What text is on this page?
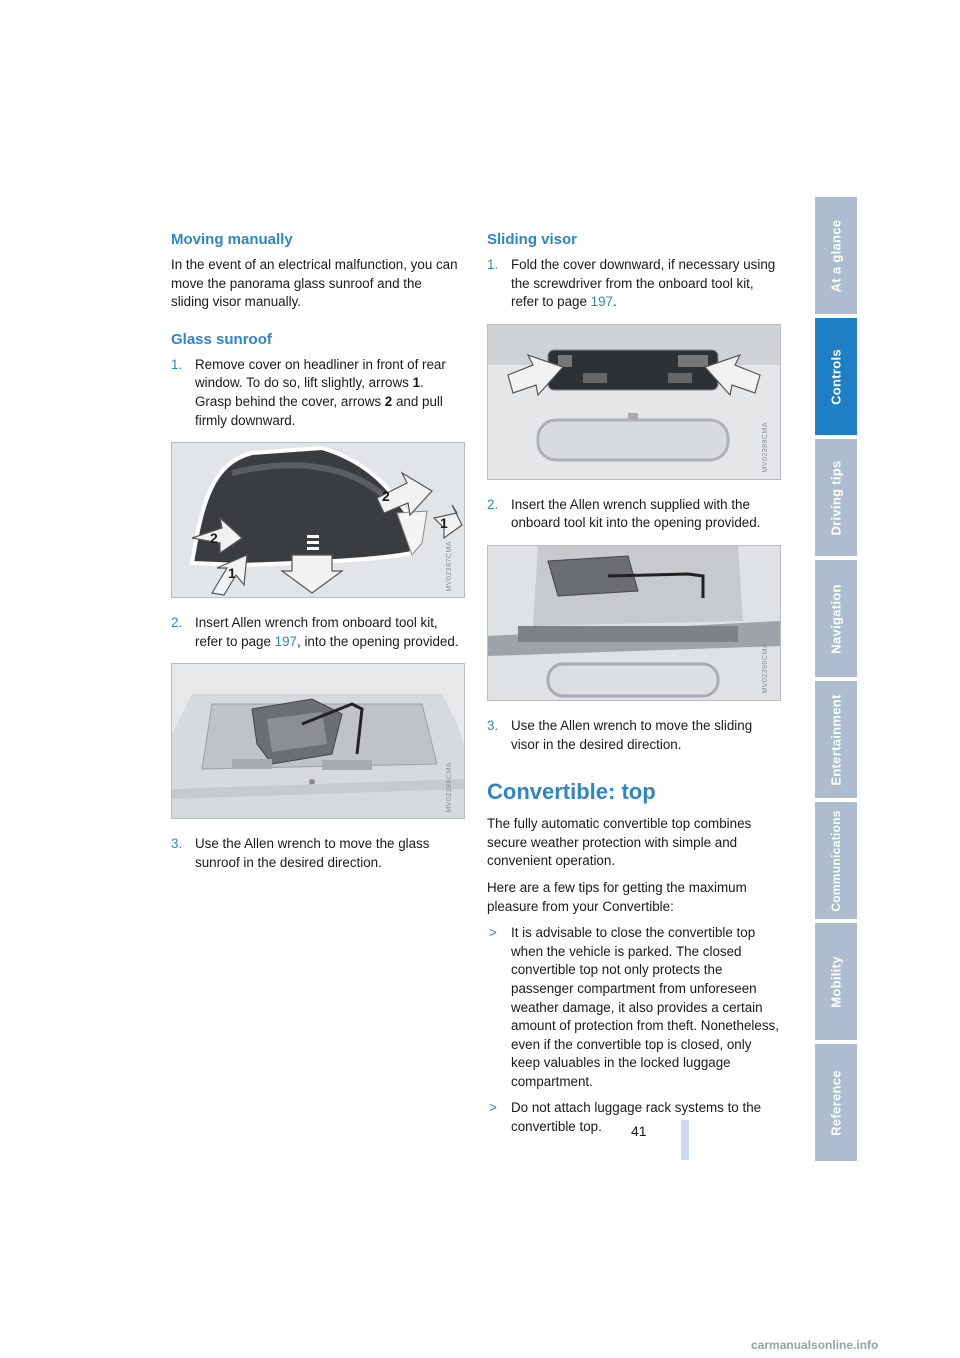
Moving manually

In the event of an electrical malfunction, you can move the panorama glass sunroof and the sliding visor manually.

Glass sunroof
1. Remove cover on headliner in front of rear window. To do so, lift slightly, arrows 1. Grasp behind the cover, arrows 2 and pull firmly downward.
2
2
1
1
MV02387CMA
2. Insert Allen wrench from onboard tool kit, refer to page 197, into the opening provided.
MV02388CMA
3. Use the Allen wrench to move the glass sunroof in the desired direction.
Sliding visor
1. Fold the cover downward, if necessary using the screwdriver from the onboard tool kit, refer to page 197.
MV02389CMA
2. Insert the Allen wrench supplied with the onboard tool kit into the opening provided.
MV02390CMA
3. Use the Allen wrench to move the sliding visor in the desired direction.
Convertible: top

The fully automatic convertible top combines secure weather protection with simple and convenient operation.

Here are a few tips for getting the maximum pleasure from your Convertible:

>	It is advisable to close the convertible top when the vehicle is parked. The closed convertible top not only protects the passenger compartment from unforeseen weather damage, it also provides a certain amount of protection from theft. Nonetheless, even if the convertible top is closed, only keep valuables in the locked luggage compartment.
>	Do not attach luggage rack systems to the convertible top.
At a glance
Controls
Driving tips
Navigation
Entertainment
Communications
Mobility
Reference
41
carmanualsonline.info
